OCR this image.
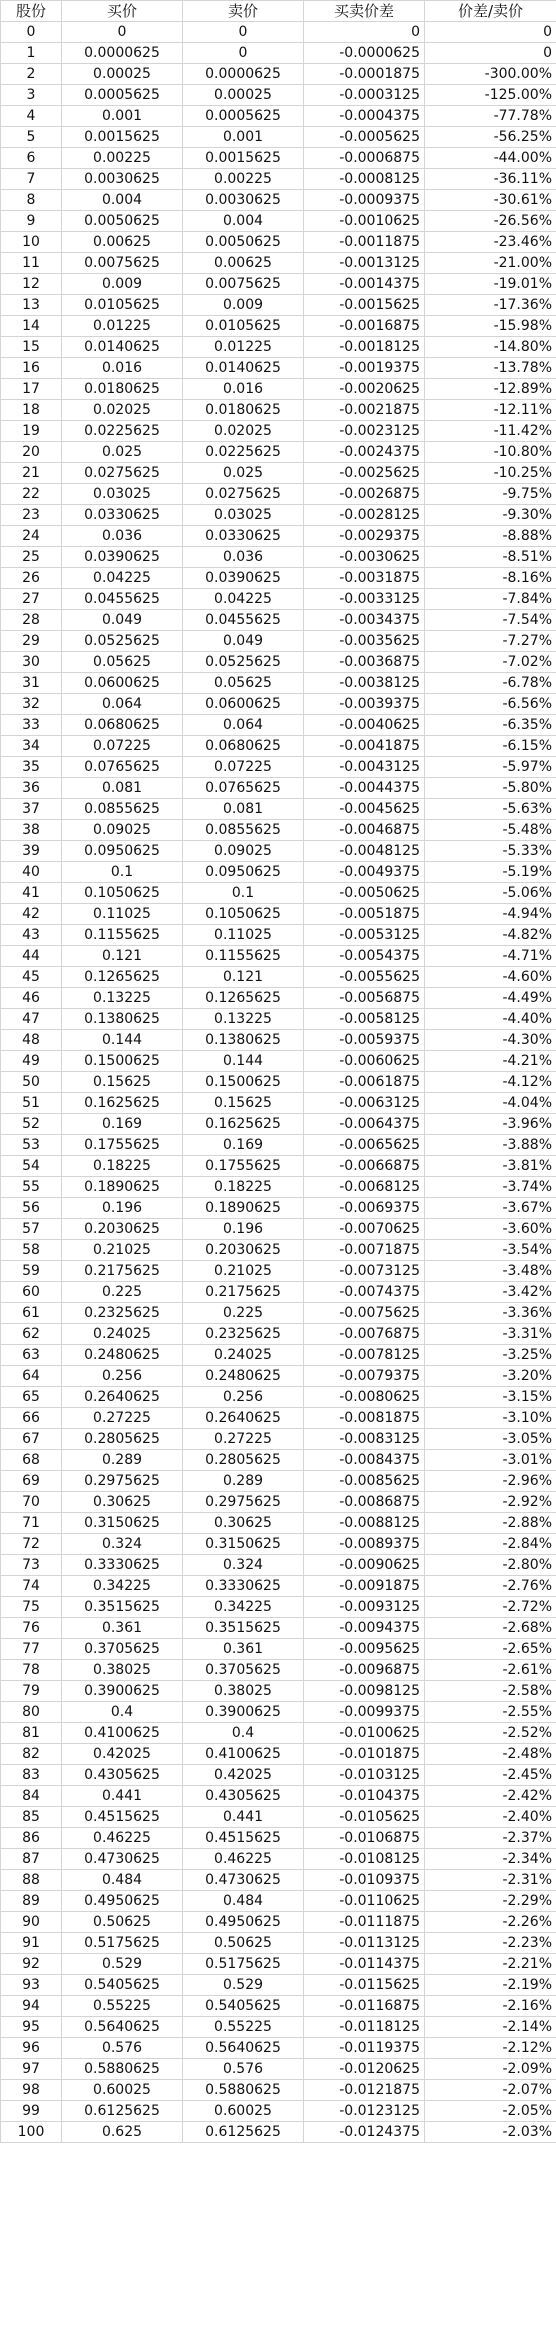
股份	买价	卖价	买卖价差	价差/卖价
0	0	0	0	0
1	0.0000625	0	-0.0000625	0
2	0.00025	0.0000625	-0.0001875	-300.00%
3	0.0005625	0.00025	-0.0003125	-125.00%
4	0.001	0.0005625	-0.0004375	-77.78%
5	0.0015625	0.001	-0.0005625	-56.25%
6	0.00225	0.0015625	-0.0006875	-44.00%
7	0.0030625	0.00225	-0.0008125	-36.11%
8	0.004	0.0030625	-0.0009375	-30.61%
9	0.0050625	0.004	-0.0010625	-26.56%
10	0.00625	0.0050625	-0.0011875	-23.46%
11	0.0075625	0.00625	-0.0013125	-21.00%
12	0.009	0.0075625	-0.0014375	-19.01%
13	0.0105625	0.009	-0.0015625	-17.36%
14	0.01225	0.0105625	-0.0016875	-15.98%
15	0.0140625	0.01225	-0.0018125	-14.80%
16	0.016	0.0140625	-0.0019375	-13.78%
17	0.0180625	0.016	-0.0020625	-12.89%
18	0.02025	0.0180625	-0.0021875	-12.11%
19	0.0225625	0.02025	-0.0023125	-11.42%
20	0.025	0.0225625	-0.0024375	-10.80%
21	0.0275625	0.025	-0.0025625	-10.25%
22	0.03025	0.0275625	-0.0026875	-9.75%
23	0.0330625	0.03025	-0.0028125	-9.30%
24	0.036	0.0330625	-0.0029375	-8.88%
25	0.0390625	0.036	-0.0030625	-8.51%
26	0.04225	0.0390625	-0.0031875	-8.16%
27	0.0455625	0.04225	-0.0033125	-7.84%
28	0.049	0.0455625	-0.0034375	-7.54%
29	0.0525625	0.049	-0.0035625	-7.27%
30	0.05625	0.0525625	-0.0036875	-7.02%
31	0.0600625	0.05625	-0.0038125	-6.78%
32	0.064	0.0600625	-0.0039375	-6.56%
33	0.0680625	0.064	-0.0040625	-6.35%
34	0.07225	0.0680625	-0.0041875	-6.15%
35	0.0765625	0.07225	-0.0043125	-5.97%
36	0.081	0.0765625	-0.0044375	-5.80%
37	0.0855625	0.081	-0.0045625	-5.63%
38	0.09025	0.0855625	-0.0046875	-5.48%
39	0.0950625	0.09025	-0.0048125	-5.33%
40	0.1	0.0950625	-0.0049375	-5.19%
41	0.1050625	0.1	-0.0050625	-5.06%
42	0.11025	0.1050625	-0.0051875	-4.94%
43	0.1155625	0.11025	-0.0053125	-4.82%
44	0.121	0.1155625	-0.0054375	-4.71%
45	0.1265625	0.121	-0.0055625	-4.60%
46	0.13225	0.1265625	-0.0056875	-4.49%
47	0.1380625	0.13225	-0.0058125	-4.40%
48	0.144	0.1380625	-0.0059375	-4.30%
49	0.1500625	0.144	-0.0060625	-4.21%
50	0.15625	0.1500625	-0.0061875	-4.12%
51	0.1625625	0.15625	-0.0063125	-4.04%
52	0.169	0.1625625	-0.0064375	-3.96%
53	0.1755625	0.169	-0.0065625	-3.88%
54	0.18225	0.1755625	-0.0066875	-3.81%
55	0.1890625	0.18225	-0.0068125	-3.74%
56	0.196	0.1890625	-0.0069375	-3.67%
57	0.2030625	0.196	-0.0070625	-3.60%
58	0.21025	0.2030625	-0.0071875	-3.54%
59	0.2175625	0.21025	-0.0073125	-3.48%
60	0.225	0.2175625	-0.0074375	-3.42%
61	0.2325625	0.225	-0.0075625	-3.36%
62	0.24025	0.2325625	-0.0076875	-3.31%
63	0.2480625	0.24025	-0.0078125	-3.25%
64	0.256	0.2480625	-0.0079375	-3.20%
65	0.2640625	0.256	-0.0080625	-3.15%
66	0.27225	0.2640625	-0.0081875	-3.10%
67	0.2805625	0.27225	-0.0083125	-3.05%
68	0.289	0.2805625	-0.0084375	-3.01%
69	0.2975625	0.289	-0.0085625	-2.96%
70	0.30625	0.2975625	-0.0086875	-2.92%
71	0.3150625	0.30625	-0.0088125	-2.88%
72	0.324	0.3150625	-0.0089375	-2.84%
73	0.3330625	0.324	-0.0090625	-2.80%
74	0.34225	0.3330625	-0.0091875	-2.76%
75	0.3515625	0.34225	-0.0093125	-2.72%
76	0.361	0.3515625	-0.0094375	-2.68%
77	0.3705625	0.361	-0.0095625	-2.65%
78	0.38025	0.3705625	-0.0096875	-2.61%
79	0.3900625	0.38025	-0.0098125	-2.58%
80	0.4	0.3900625	-0.0099375	-2.55%
81	0.4100625	0.4	-0.0100625	-2.52%
82	0.42025	0.4100625	-0.0101875	-2.48%
83	0.4305625	0.42025	-0.0103125	-2.45%
84	0.441	0.4305625	-0.0104375	-2.42%
85	0.4515625	0.441	-0.0105625	-2.40%
86	0.46225	0.4515625	-0.0106875	-2.37%
87	0.4730625	0.46225	-0.0108125	-2.34%
88	0.484	0.4730625	-0.0109375	-2.31%
89	0.4950625	0.484	-0.0110625	-2.29%
90	0.50625	0.4950625	-0.0111875	-2.26%
91	0.5175625	0.50625	-0.0113125	-2.23%
92	0.529	0.5175625	-0.0114375	-2.21%
93	0.5405625	0.529	-0.0115625	-2.19%
94	0.55225	0.5405625	-0.0116875	-2.16%
95	0.5640625	0.55225	-0.0118125	-2.14%
96	0.576	0.5640625	-0.0119375	-2.12%
97	0.5880625	0.576	-0.0120625	-2.09%
98	0.60025	0.5880625	-0.0121875	-2.07%
99	0.6125625	0.60025	-0.0123125	-2.05%
100	0.625	0.6125625	-0.0124375	-2.03%
